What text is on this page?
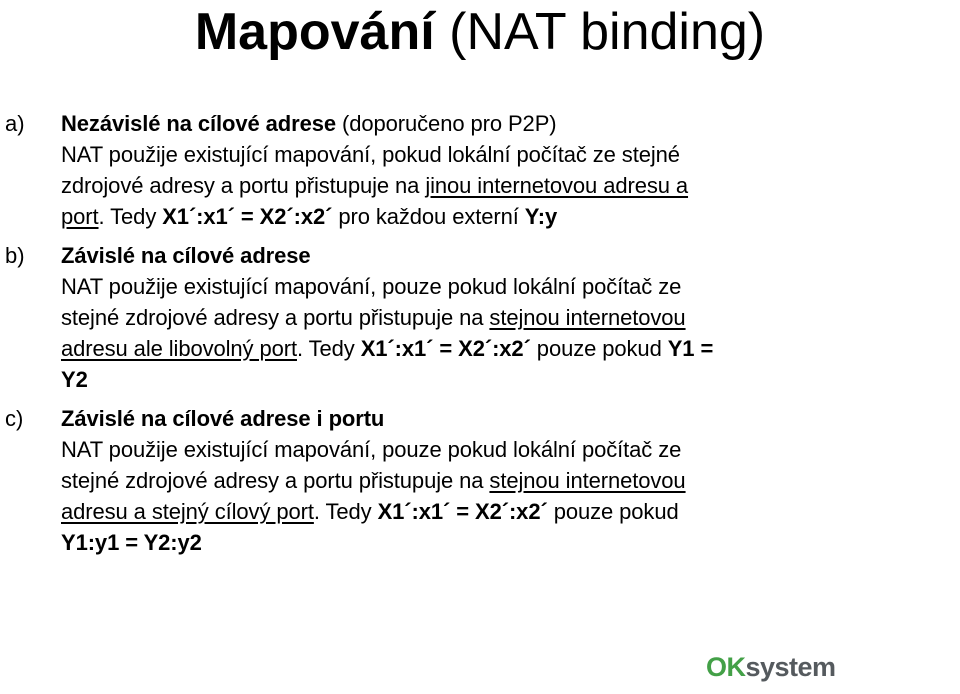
Mapování (NAT binding)
a) Nezávislé na cílové adrese (doporučeno pro P2P)
NAT použije existující mapování, pokud lokální počítač ze stejné
zdrojové adresy a portu přistupuje na jinou internetovou adresu a
port. Tedy X1´:x1´ = X2´:x2´ pro každou externí Y:y
b) Závislé na cílové adrese
NAT použije existující mapování, pouze pokud lokální počítač ze
stejné zdrojové adresy a portu přistupuje na stejnou internetovou
adresu ale libovolný port. Tedy X1´:x1´ = X2´:x2´ pouze pokud Y1 =
Y2
c) Závislé na cílové adrese i portu
NAT použije existující mapování, pouze pokud lokální počítač ze
stejné zdrojové adresy a portu přistupuje na stejnou internetovou
adresu a stejný cílový port. Tedy X1´:x1´ = X2´:x2´ pouze pokud
Y1:y1 = Y2:y2
OKsystem
